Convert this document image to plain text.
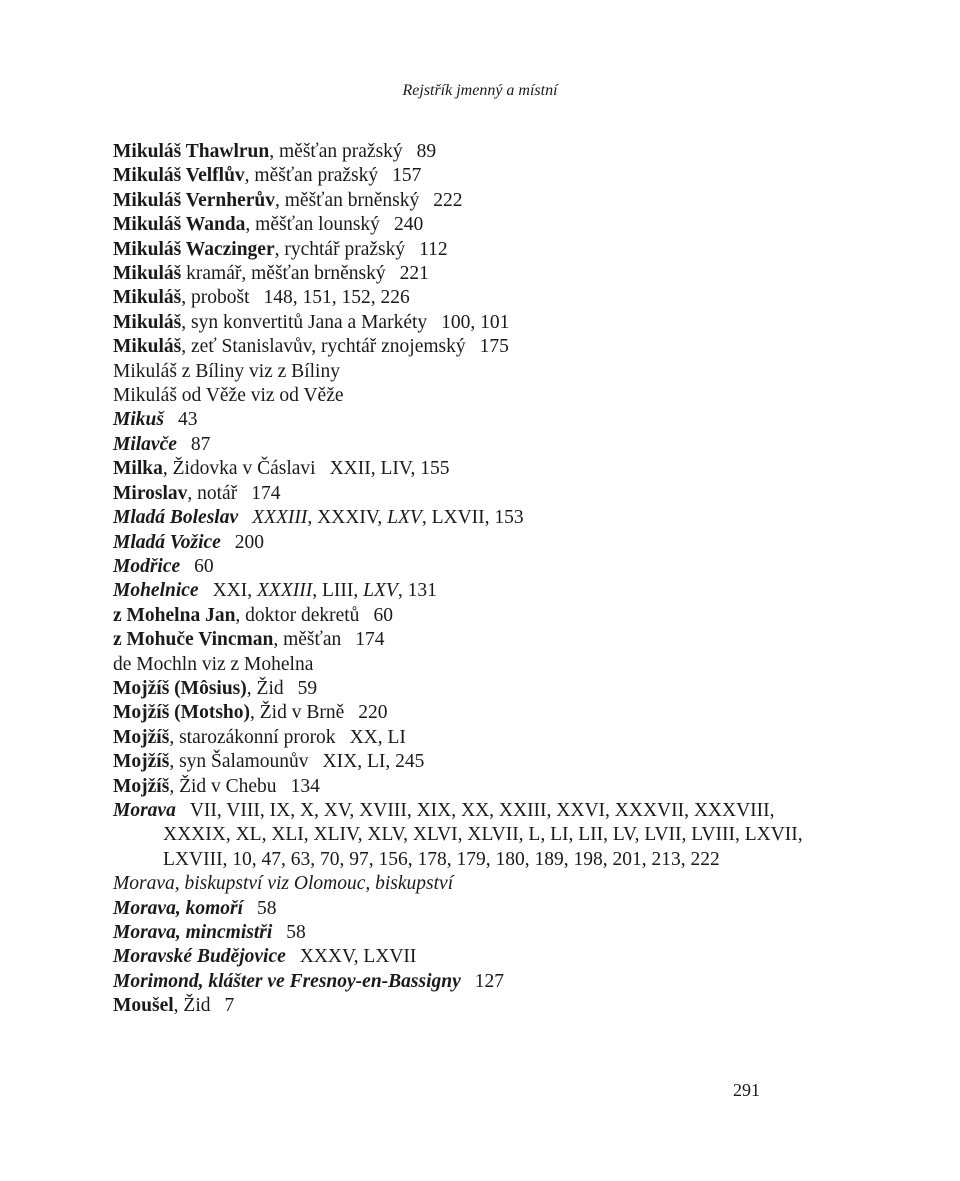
Rejstřík jmenný a místní
Mikuláš Thawlrun, měšťan pražský 89
Mikuláš Velflův, měšťan pražský 157
Mikuláš Vernherův, měšťan brněnský 222
Mikuláš Wanda, měšťan lounský 240
Mikuláš Waczinger, rychtář pražský 112
Mikuláš kramář, měšťan brněnský 221
Mikuláš, probošt 148, 151, 152, 226
Mikuláš, syn konvertitů Jana a Markéty 100, 101
Mikuláš, zeť Stanislavův, rychtář znojemský 175
Mikuláš z Bíliny viz z Bíliny
Mikuláš od Věže viz od Věže
Mikuš 43
Milavče 87
Milka, Židovka v Čáslavi XXII, LIV, 155
Miroslav, notář 174
Mladá Boleslav XXXIII, XXXIV, LXV, LXVII, 153
Mladá Vožice 200
Modřice 60
Mohelnice XXI, XXXIII, LIII, LXV, 131
z Mohelna Jan, doktor dekretů 60
z Mohuče Vincman, měšťan 174
de Mochln viz z Mohelna
Mojžíš (Môsius), Žid 59
Mojžíš (Motsho), Žid v Brně 220
Mojžíš, starozákonní prorok XX, LI
Mojžíš, syn Šalamounův XIX, LI, 245
Mojžíš, Žid v Chebu 134
Morava VII, VIII, IX, X, XV, XVIII, XIX, XX, XXIII, XXVI, XXXVII, XXXVIII, XXXIX, XL, XLI, XLIV, XLV, XLVI, XLVII, L, LI, LII, LV, LVII, LVIII, LXVII, LXVIII, 10, 47, 63, 70, 97, 156, 178, 179, 180, 189, 198, 201, 213, 222
Morava, biskupství viz Olomouc, biskupství
Morava, komoří 58
Morava, mincmistři 58
Moravské Budějovice XXXV, LXVII
Morimond, klášter ve Fresnoy-en-Bassigny 127
Moušel, Žid 7
291
